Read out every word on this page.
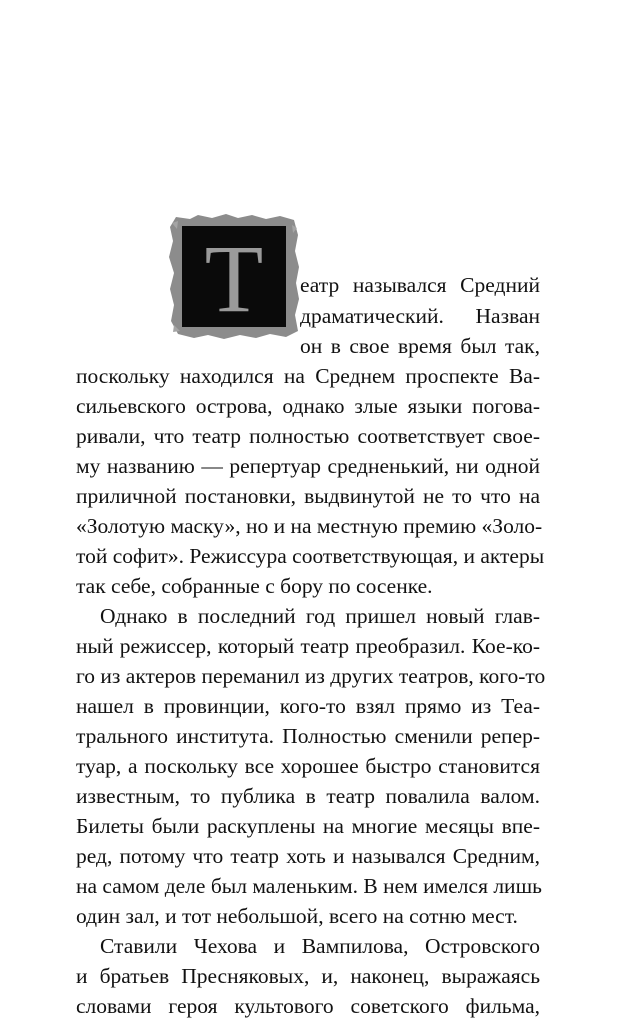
Т еатр назывался Средний
драматический. Назван
он в свое время был так,
поскольку находился на Среднем проспекте Ва-
сильевского острова, однако злые языки погова-
ривали, что театр полностью соответствует свое-
му названию — репертуар средненький, ни одной
приличной постановки, выдвинутой не то что на
«Золотую маску», но и на местную премию «Золо-
той софит». Режиссура соответствующая, и актеры
так себе, собранные с бору по сосенке.
Однако в последний год пришел новый глав-
ный режиссер, который театр преобразил. Кое-ко-
го из актеров переманил из других театров, кого-то
нашел в провинции, кого-то взял прямо из Теа-
трального института. Полностью сменили репер-
туар, а поскольку все хорошее быстро становится
известным, то публика в театр повалила валом.
Билеты были раскуплены на многие месяцы впе-
ред, потому что театр хоть и назывался Средним,
на самом деле был маленьким. В нем имелся лишь
один зал, и тот небольшой, всего на сотню мест.
Ставили Чехова и Вампилова, Островского
и братьев Пресняковых, и, наконец, выражаясь
словами героя культового советского фильма,
